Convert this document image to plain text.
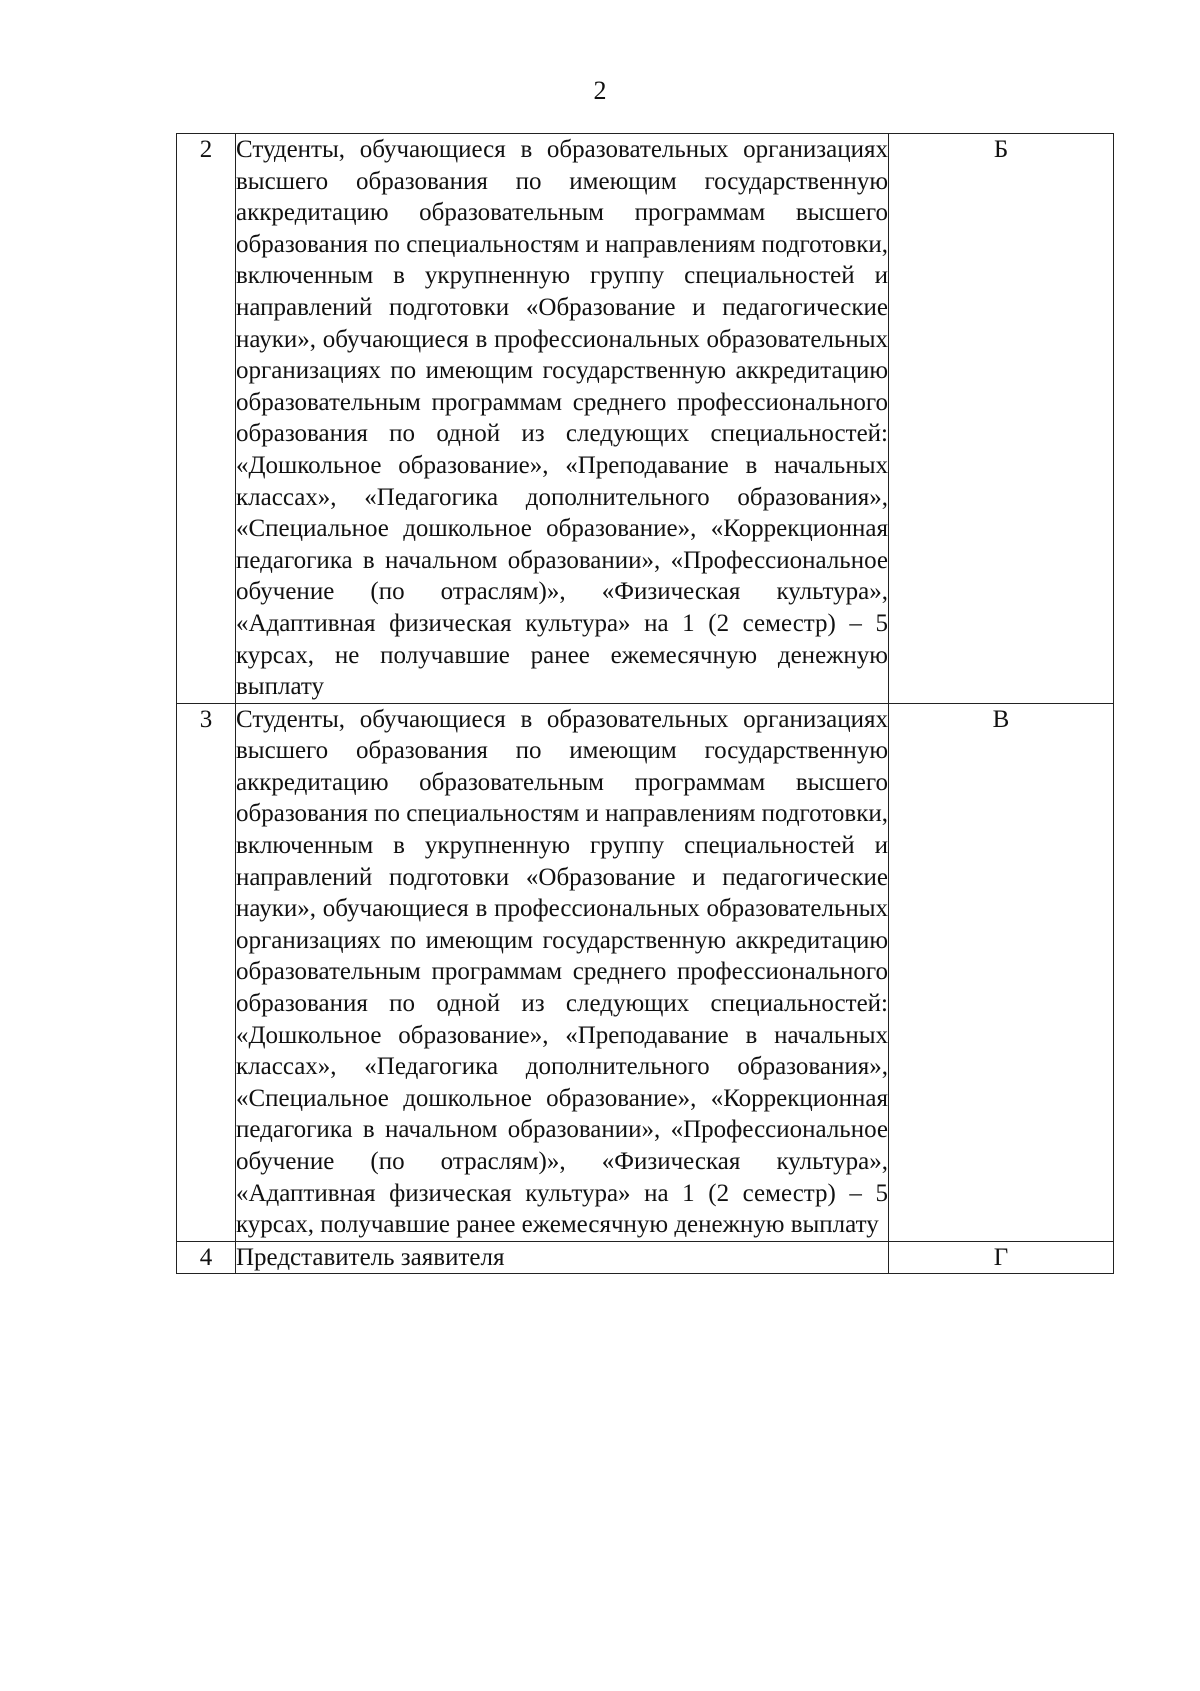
2
2	Студенты, обучающиеся в образовательных организациях высшего образования по имеющим государственную аккредитацию образовательным программам высшего образования по специальностям и направлениям подготовки, включенным в укрупненную группу специальностей и направлений подготовки «Образование и педагогические науки», обучающиеся в профессиональных образовательных организациях по имеющим государственную аккредитацию образовательным программам среднего профессионального образования по одной из следующих специальностей: «Дошкольное образование», «Преподавание в начальных классах», «Педагогика дополнительного образования», «Специальное дошкольное образование», «Коррекционная педагогика в начальном образовании», «Профессиональное обучение (по отраслям)», «Физическая культура», «Адаптивная физическая культура» на 1 (2 семестр) – 5 курсах, не получавшие ранее ежемесячную денежную выплату	Б
3	Студенты, обучающиеся в образовательных организациях высшего образования по имеющим государственную аккредитацию образовательным программам высшего образования по специальностям и направлениям подготовки, включенным в укрупненную группу специальностей и направлений подготовки «Образование и педагогические науки», обучающиеся в профессиональных образовательных организациях по имеющим государственную аккредитацию образовательным программам среднего профессионального образования по одной из следующих специальностей: «Дошкольное образование», «Преподавание в начальных классах», «Педагогика дополнительного образования», «Специальное дошкольное образование», «Коррекционная педагогика в начальном образовании», «Профессиональное обучение (по отраслям)», «Физическая культура», «Адаптивная физическая культура» на 1 (2 семестр) – 5 курсах, получавшие ранее ежемесячную денежную выплату	В
4	Представитель заявителя	Г
